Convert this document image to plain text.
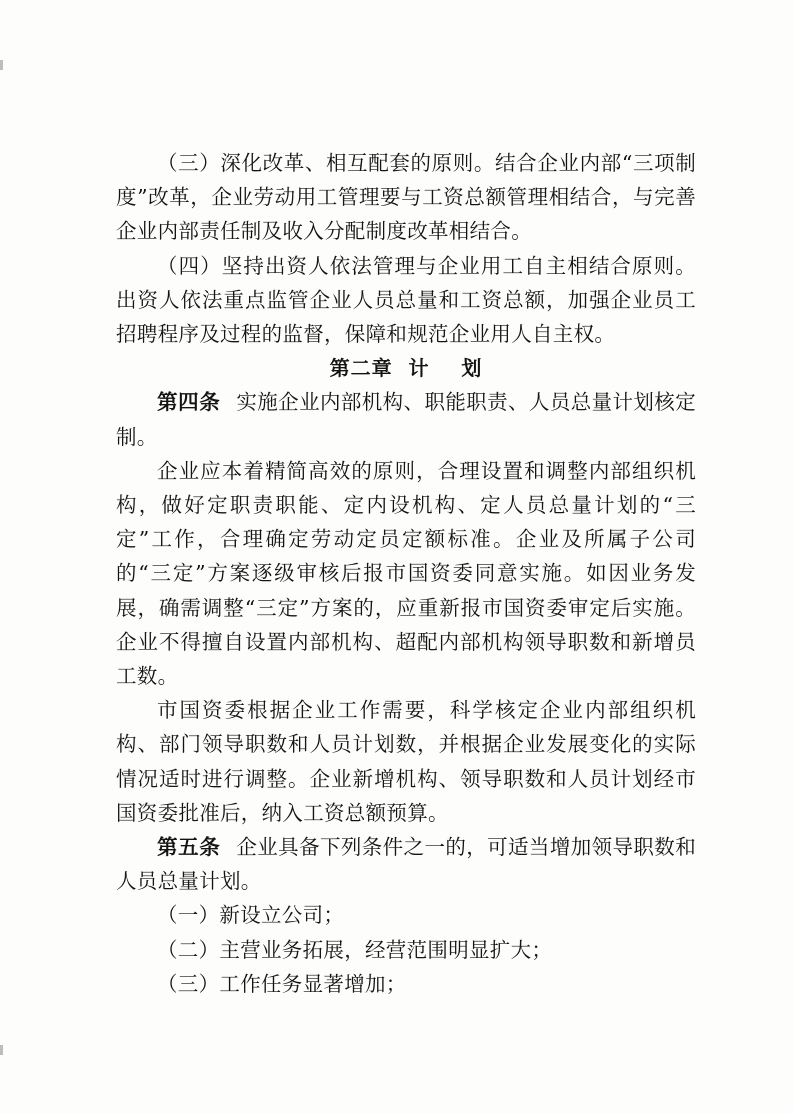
（三）深化改革、相互配套的原则。结合企业内部“三项制度”改革，企业劳动用工管理要与工资总额管理相结合，与完善企业内部责任制及收入分配制度改革相结合。

（四）坚持出资人依法管理与企业用工自主相结合原则。出资人依法重点监管企业人员总量和工资总额，加强企业员工招聘程序及过程的监督，保障和规范企业用人自主权。

第二章  计    划

第四条 实施企业内部机构、职能职责、人员总量计划核定制。

企业应本着精简高效的原则，合理设置和调整内部组织机构，做好定职责职能、定内设机构、定人员总量计划的“三定”工作，合理确定劳动定员定额标准。企业及所属子公司的“三定”方案逐级审核后报市国资委同意实施。如因业务发展，确需调整“三定”方案的，应重新报市国资委审定后实施。企业不得擅自设置内部机构、超配内部机构领导职数和新增员工数。

市国资委根据企业工作需要，科学核定企业内部组织机构、部门领导职数和人员计划数，并根据企业发展变化的实际情况适时进行调整。企业新增机构、领导职数和人员计划经市国资委批准后，纳入工资总额预算。

第五条 企业具备下列条件之一的，可适当增加领导职数和人员总量计划。

（一）新设立公司；

（二）主营业务拓展，经营范围明显扩大；

（三）工作任务显著增加；
